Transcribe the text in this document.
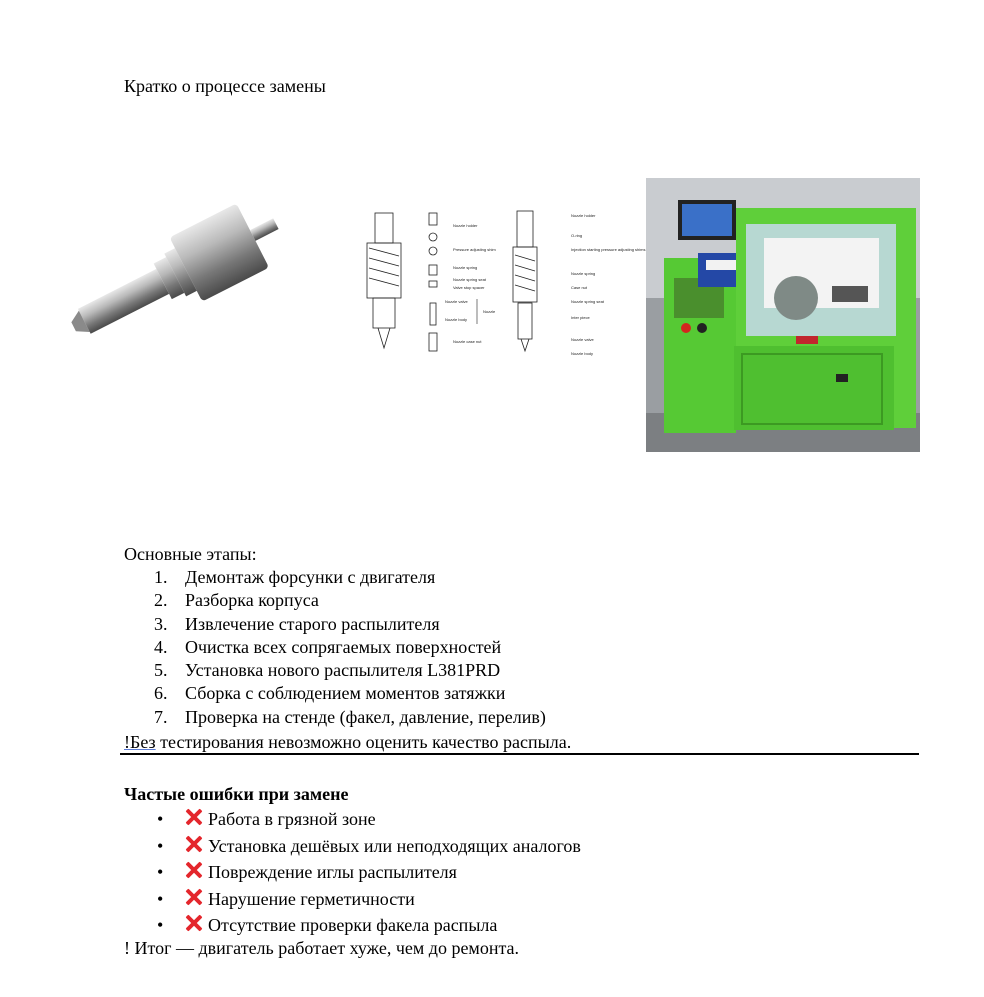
Кратко о процессе замены
Nozzle holder
Pressure adjusting shim
Nozzle spring
Nozzle spring seat
Valve stop spacer
Nozzle valve
Nozzle body
Nozzle case nut
Nozzle
Nozzle holder
O-ring
Injection starting pressure adjusting shims
Nozzle spring
Case nut
Nozzle spring seat
Inter piece
Nozzle valve
Nozzle body
Основные этапы:
1. Демонтаж форсунки с двигателя
2. Разборка корпуса
3. Извлечение старого распылителя
4. Очистка всех сопрягаемых поверхностей
5. Установка нового распылителя L381PRD
6. Сборка с соблюдением моментов затяжки
7. Проверка на стенде (факел, давление, перелив)
!Без тестирования невозможно оценить качество распыла.
Частые ошибки при замене
• Работа в грязной зоне
• Установка дешёвых или неподходящих аналогов
• Повреждение иглы распылителя
• Нарушение герметичности
• Отсутствие проверки факела распыла
! Итог — двигатель работает хуже, чем до ремонта.
